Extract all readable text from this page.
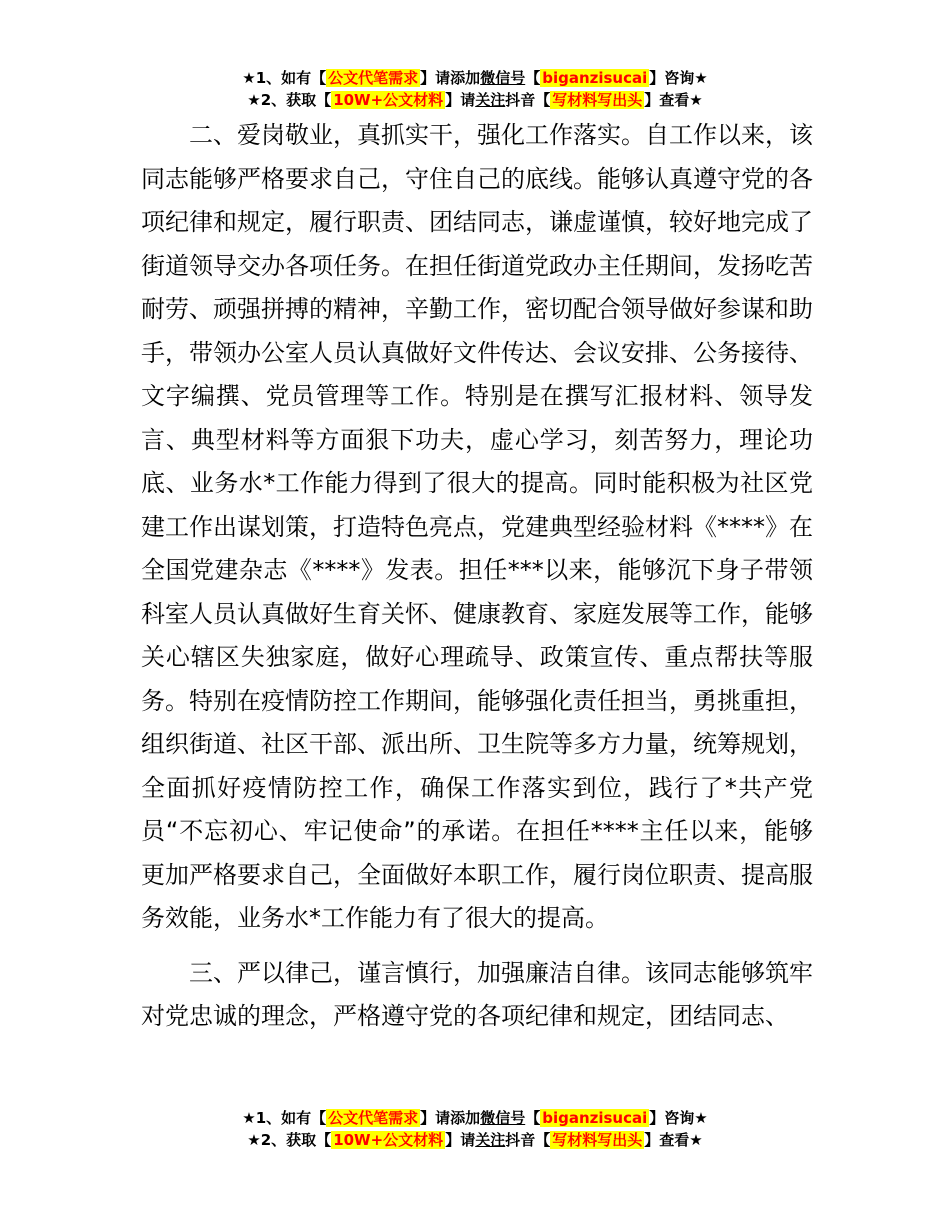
★1、如有【 公文代笔需求 】请添加微信号【 biganzisucai 】咨询★
★2、获取【 10W+公文材料 】请关注抖音【 写材料写出头 】查看★

二、爱岗敬业，真抓实干，强化工作落实。自工作以来，该同志能够严格要求自己，守住自己的底线。能够认真遵守党的各项纪律和规定，履行职责、团结同志，谦虚谨慎，较好地完成了街道领导交办各项任务。在担任街道党政办主任期间，发扬吃苦耐劳、顽强拼搏的精神，辛勤工作，密切配合领导做好参谋和助手，带领办公室人员认真做好文件传达、会议安排、公务接待、文字编撰、党员管理等工作。特别是在撰写汇报材料、领导发言、典型材料等方面狠下功夫，虚心学习，刻苦努力，理论功底、业务水*工作能力得到了很大的提高。同时能积极为社区党建工作出谋划策，打造特色亮点，党建典型经验材料《****》在全国党建杂志《****》发表。担任***以来，能够沉下身子带领科室人员认真做好生育关怀、健康教育、家庭发展等工作，能够关心辖区失独家庭，做好心理疏导、政策宣传、重点帮扶等服务。特别在疫情防控工作期间，能够强化责任担当，勇挑重担，组织街道、社区干部、派出所、卫生院等多方力量，统筹规划，全面抓好疫情防控工作，确保工作落实到位，践行了*共产党员“不忘初心、牢记使命”的承诺。在担任****主任以来，能够更加严格要求自己，全面做好本职工作，履行岗位职责、提高服务效能，业务水*工作能力有了很大的提高。

三、严以律己，谨言慎行，加强廉洁自律。该同志能够筑牢对党忠诚的理念，严格遵守党的各项纪律和规定，团结同志、

★1、如有【 公文代笔需求 】请添加微信号【 biganzisucai 】咨询★
★2、获取【 10W+公文材料 】请关注抖音【 写材料写出头 】查看★
